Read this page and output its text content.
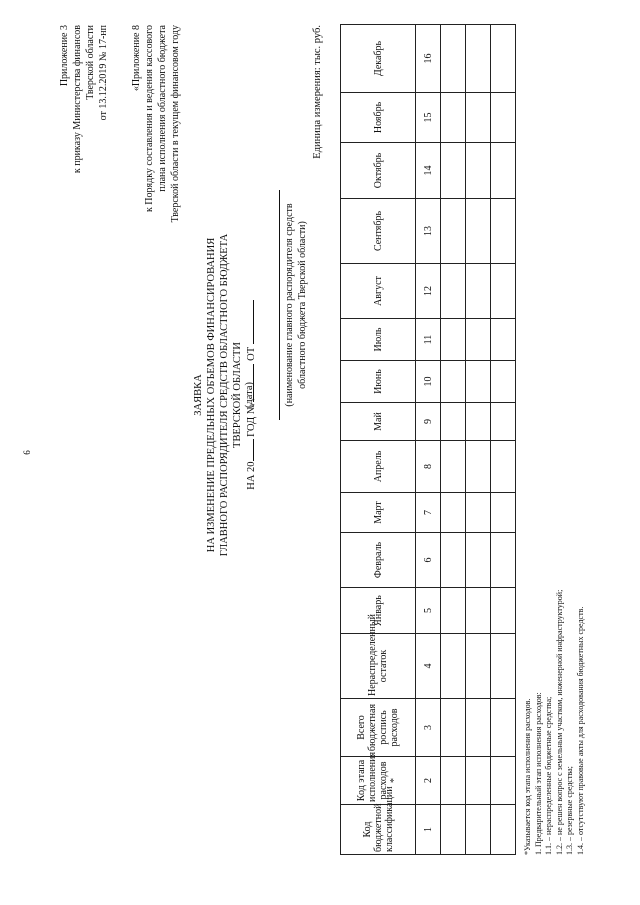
6
Приложение 3 к приказу Министерства финансов Тверской области от 13.12.2019 № 17-нп «Приложение 8 к Порядку составления и ведения кассового плана исполнения областного бюджета Тверской области в текущем финансовом году
ЗАЯВКА НА ИЗМЕНЕНИЕ ПРЕДЕЛЬНЫХ ОБЪЕМОВ ФИНАНСИРОВАНИЯ ГЛАВНОГО РАСПОРЯДИТЕЛЯ СРЕДСТВ ОБЛАСТНОГО БЮДЖЕТА ТВЕРСКОЙ ОБЛАСТИ
НА 20 ГОД №  ОТ
(дата)	(наименование главного распорядителя средств областного бюджета Тверской области)
Единица измерения: тыс. руб.
Код бюджетной классификации	Код этапа исполнения расходов *	Всего бюджетная роспись расходов	Нераспределенный остаток	Январь	Февраль	Март	Апрель	Май	Июнь	Июль	Август	Сентябрь	Октябрь	Ноябрь	Декабрь
1	2	3	4	5	6	7	8	9	10	11	12	13	14	15	16

*Указывается код этапа исполнения расходов. 1. Предварительный этап исполнения расходов: 1.1. – нераспределенные бюджетные средства; 1.2. – не решен вопрос с земельным участком, инженерной инфраструктурой; 1.3. – резервные средства; 1.4. – отсутствуют правовые акты для расходования бюджетных средств.
